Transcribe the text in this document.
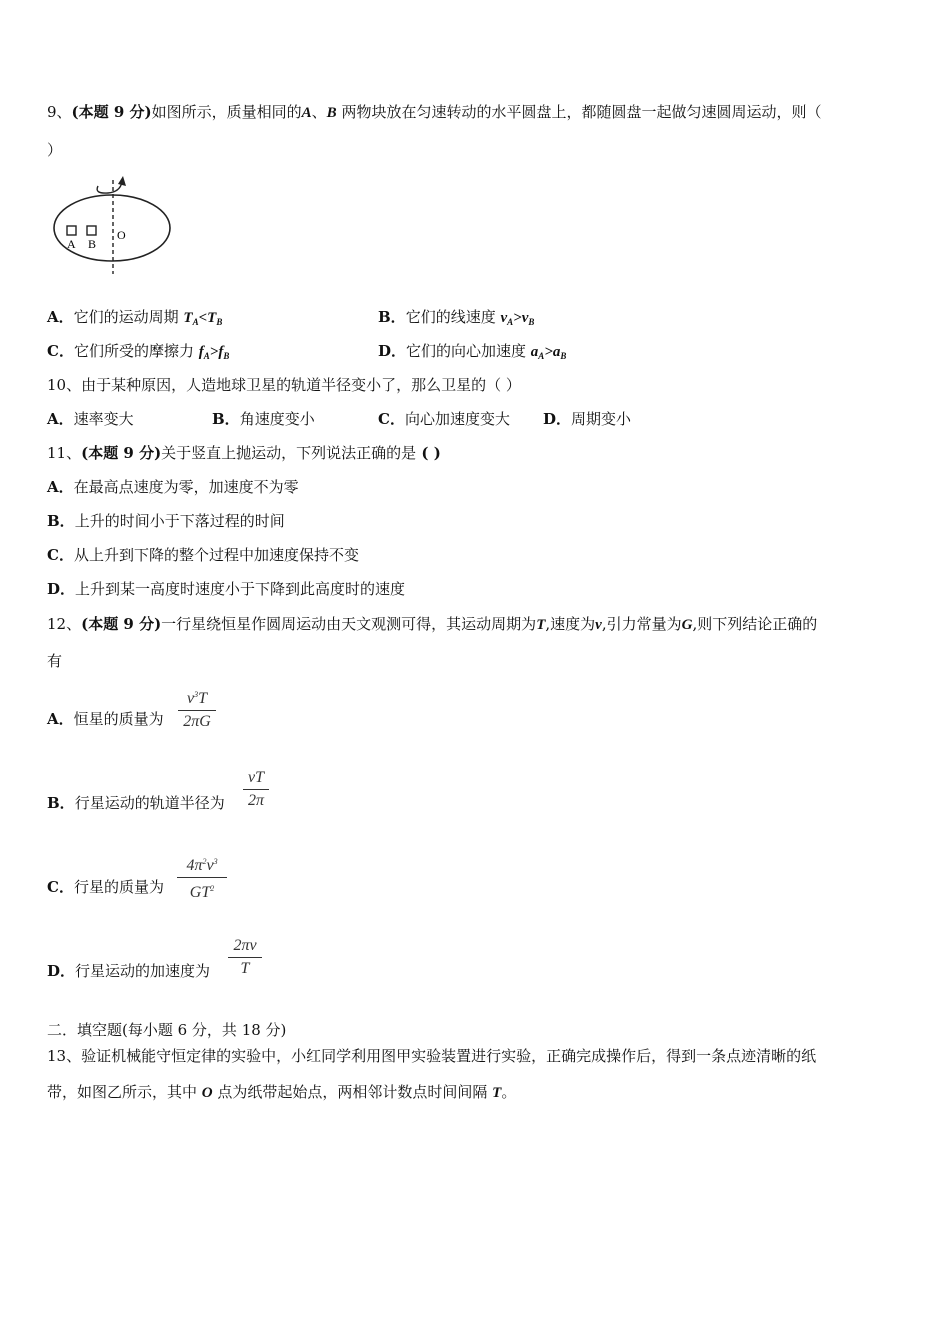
9、(本题 9 分)如图所示，质量相同的A、B 两物块放在匀速转动的水平圆盘上，都随圆盘一起做匀速圆周运动，则（
）
A B
O
A．它们的运动周期 $T_A<T_B$	B．它们的线速度 $v_A>v_B$
C．它们所受的摩擦力 $f_A>f_B$	D．它们的向心加速度 $a_A>a_B$
10、由于某种原因，人造地球卫星的轨道半径变小了，那么卫星的（ ）
A．速率变大	B．角速度变小	C．向心加速度变大 D．周期变小
11、(本题 9 分)关于竖直上抛运动，下列说法正确的是 ( )
A．在最高点速度为零，加速度不为零
B．上升的时间小于下落过程的时间
C．从上升到下降的整个过程中加速度保持不变
D．上升到某一高度时速度小于下降到此高度时的速度
12、(本题 9 分)一行星绕恒星作圆周运动由天文观测可得，其运动周期为T,速度为v,引力常量为G,则下列结论正确的
有
A．恒星的质量为
$v^3T$
2πG
B．行星运动的轨道半径为
vT
2π
C．行星的质量为
$4\pi^2v^3$
$GT^2$
D．行星运动的加速度为
2πv
T
二．填空题(每小题 6 分，共 18 分)
13、验证机械能守恒定律的实验中，小红同学利用图甲实验装置进行实验，正确完成操作后，得到一条点迹清晰的纸
带，如图乙所示，其中 O 点为纸带起始点，两相邻计数点时间间隔 T。
